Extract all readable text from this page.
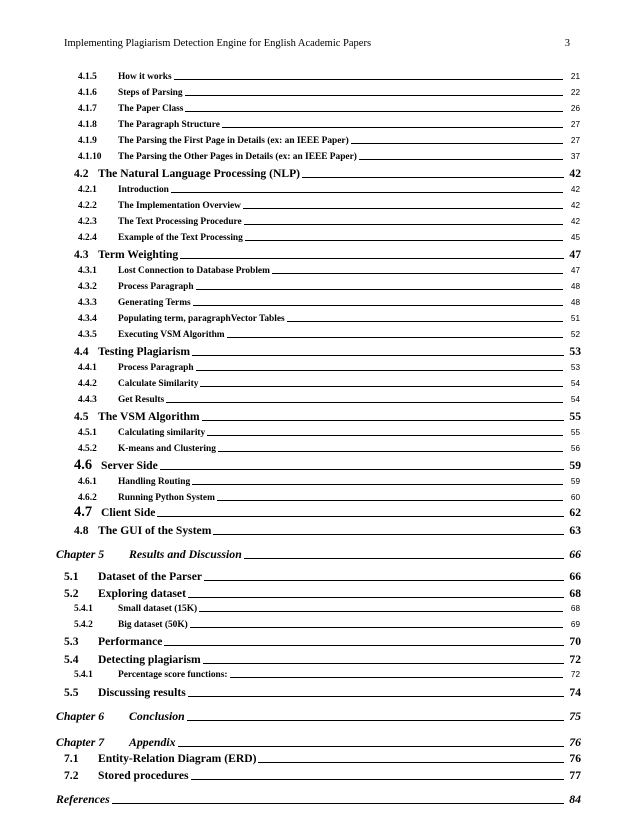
Implementing Plagiarism Detection Engine for English Academic Papers	3
4.1.5	How it works	21
4.1.6	Steps of Parsing	22
4.1.7	The Paper Class	26
4.1.8	The Paragraph Structure	27
4.1.9	The Parsing the First Page in Details (ex: an IEEE Paper)	27
4.1.10	The Parsing the Other Pages in Details (ex: an IEEE Paper)	37
4.2 The Natural Language Processing (NLP)	42
4.2.1	Introduction	42
4.2.2	The Implementation Overview	42
4.2.3	The Text Processing Procedure	42
4.2.4	Example of the Text Processing	45
4.3 Term Weighting	47
4.3.1	Lost Connection to Database Problem	47
4.3.2	Process Paragraph	48
4.3.3	Generating Terms	48
4.3.4	Populating term, paragraphVector Tables	51
4.3.5	Executing VSM Algorithm	52
4.4 Testing Plagiarism	53
4.4.1	Process Paragraph	53
4.4.2	Calculate Similarity	54
4.4.3	Get Results	54
4.5 The VSM Algorithm	55
4.5.1	Calculating similarity	55
4.5.2	K-means and Clustering	56
4.6 Server Side	59
4.6.1	Handling Routing	59
4.6.2	Running Python System	60
4.7 Client Side	62
4.8 The GUI of the System	63
Chapter 5	Results and Discussion	66
5.1	Dataset of the Parser	66
5.2	Exploring dataset	68
5.4.1	Small dataset (15K)	68
5.4.2	Big dataset (50K)	69
5.3	Performance	70
5.4	Detecting plagiarism	72
5.4.1	Percentage score functions:	72
5.5	Discussing results	74
Chapter 6	Conclusion	75
Chapter 7	Appendix	76
7.1	Entity-Relation Diagram (ERD)	76
7.2	Stored procedures	77
References	84
